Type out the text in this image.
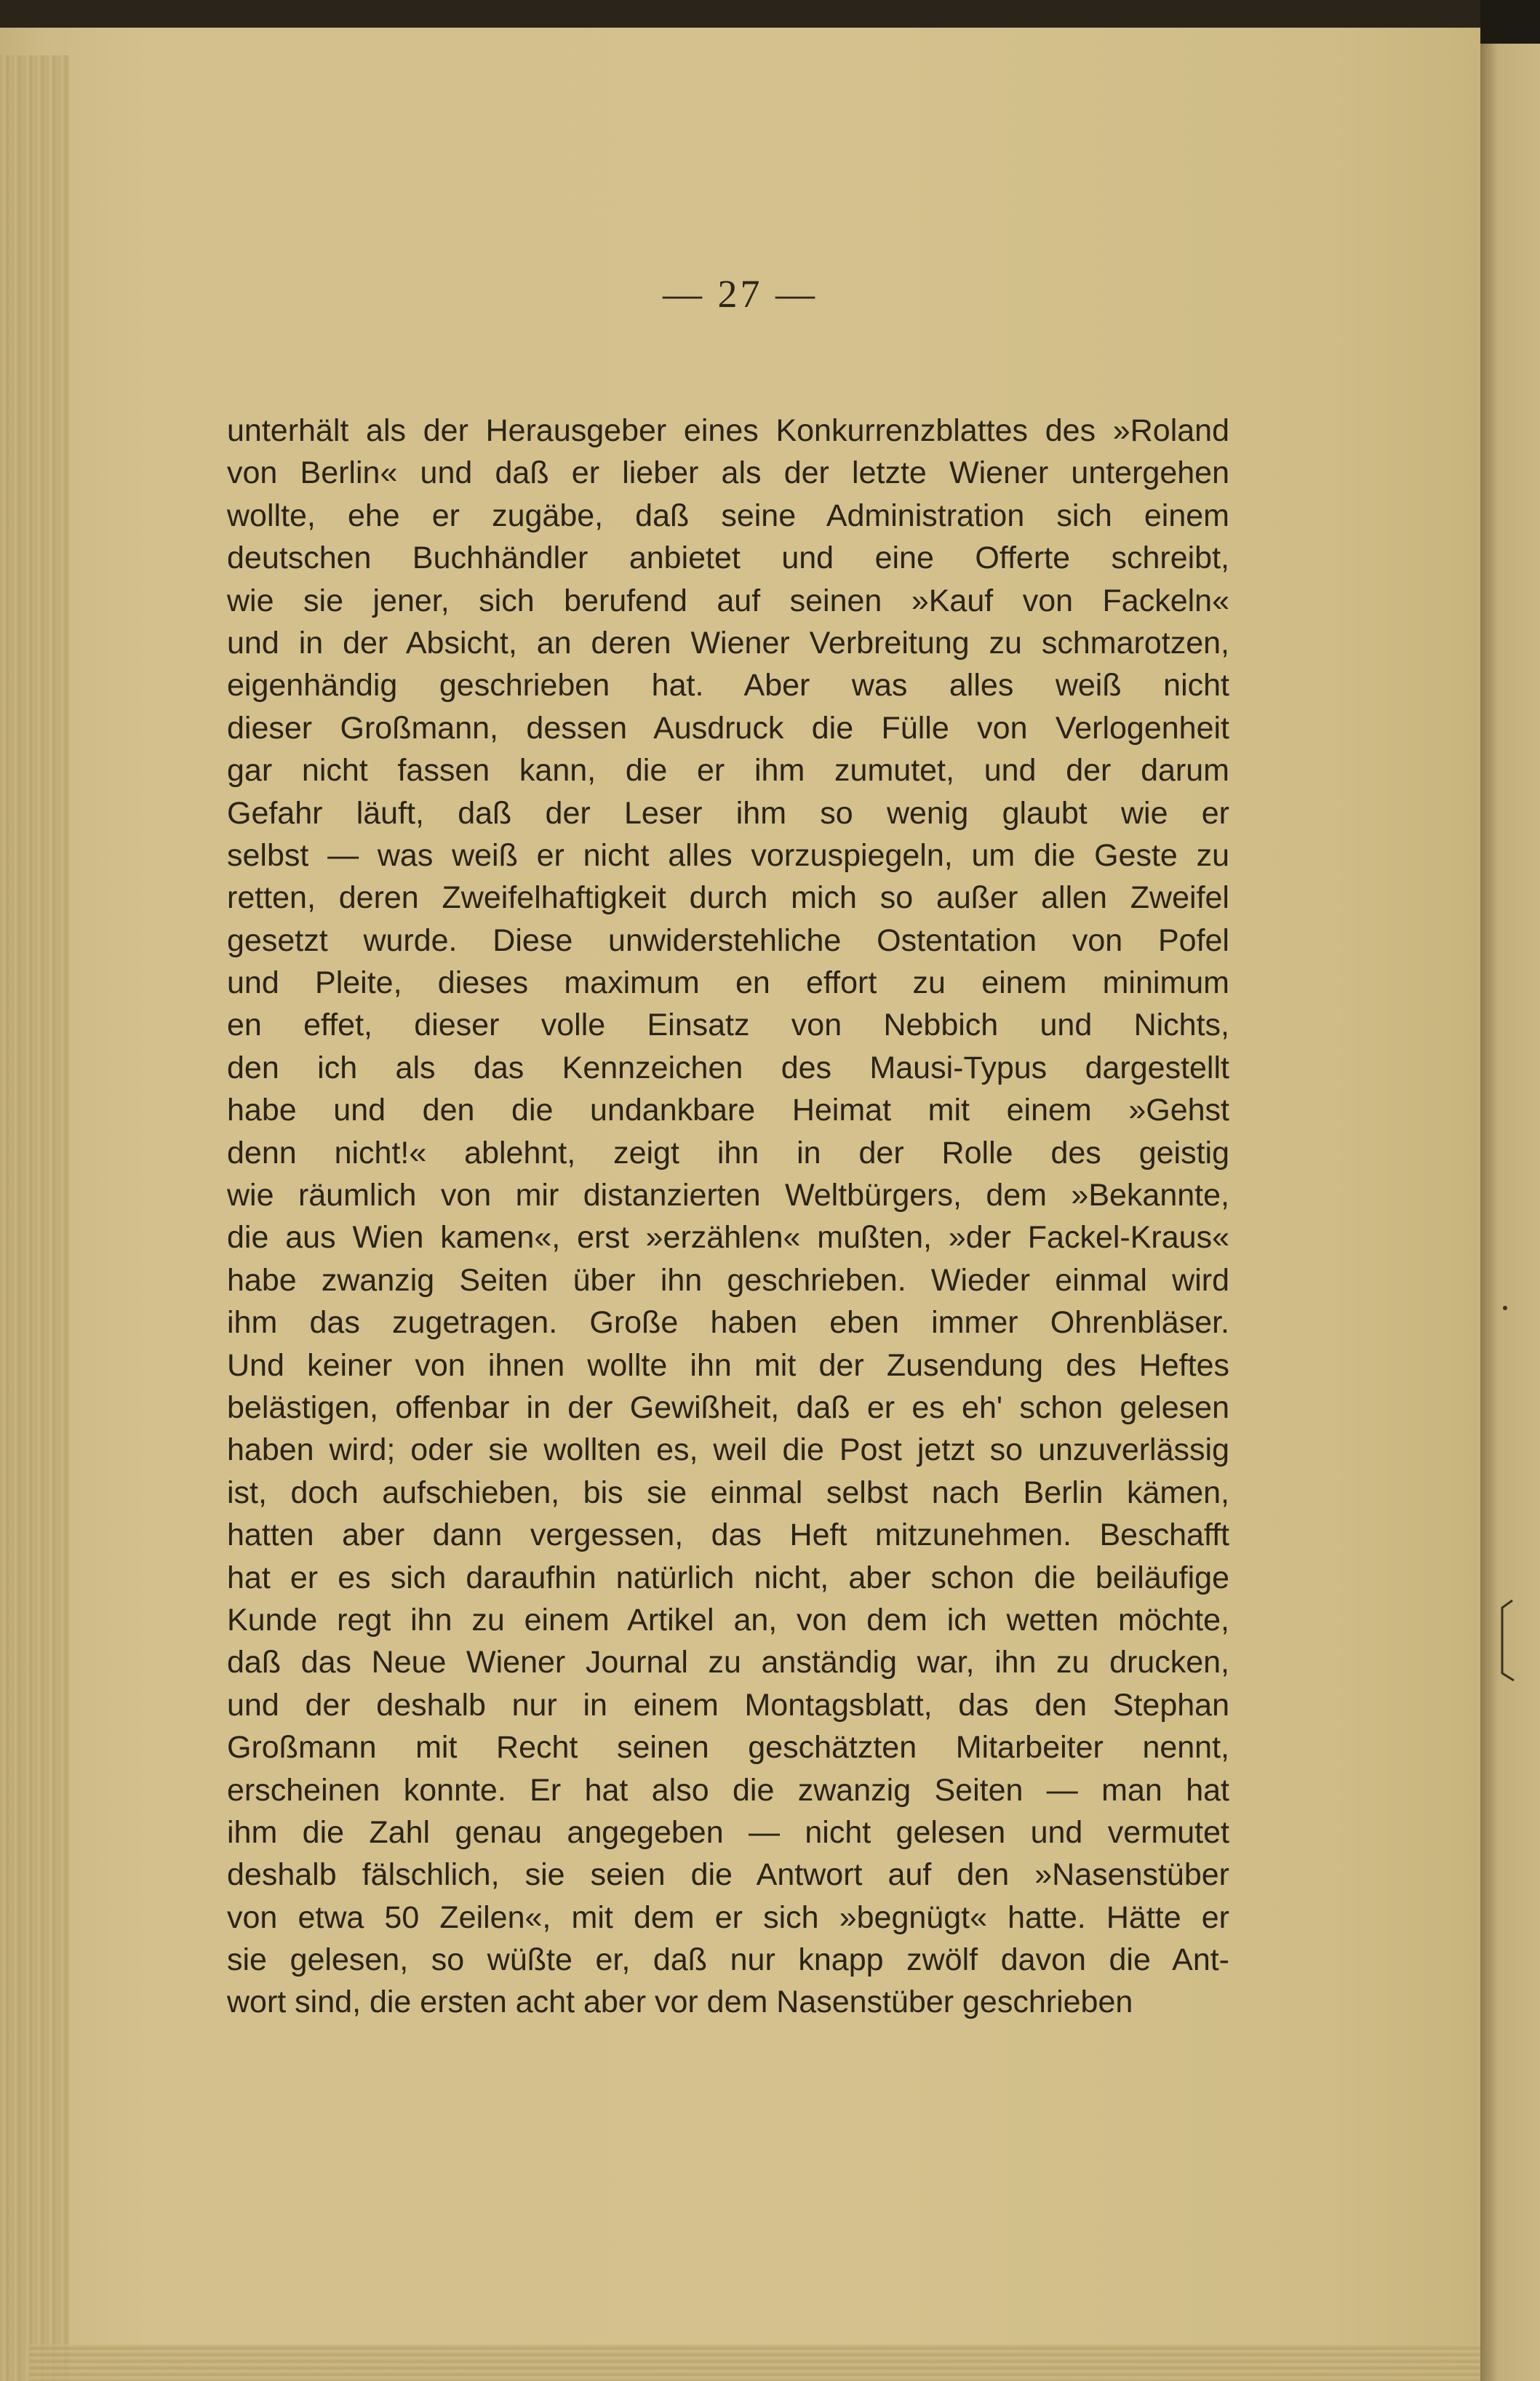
— 27 —
unterhält als der Herausgeber eines Konkurrenzblattes des »Roland
von Berlin« und daß er lieber als der letzte Wiener untergehen
wollte, ehe er zugäbe, daß seine Administration sich einem
deutschen Buchhändler anbietet und eine Offerte schreibt,
wie sie jener, sich berufend auf seinen »Kauf von Fackeln«
und in der Absicht, an deren Wiener Verbreitung zu schmarotzen,
eigenhändig geschrieben hat. Aber was alles weiß nicht
dieser Großmann, dessen Ausdruck die Fülle von Verlogenheit
gar nicht fassen kann, die er ihm zumutet, und der darum
Gefahr läuft, daß der Leser ihm so wenig glaubt wie er
selbst — was weiß er nicht alles vorzuspiegeln, um die Geste zu
retten, deren Zweifelhaftigkeit durch mich so außer allen Zweifel
gesetzt wurde. Diese unwiderstehliche Ostentation von Pofel
und Pleite, dieses maximum en effort zu einem minimum
en effet, dieser volle Einsatz von Nebbich und Nichts,
den ich als das Kennzeichen des Mausi-Typus dargestellt
habe und den die undankbare Heimat mit einem »Gehst
denn nicht!« ablehnt, zeigt ihn in der Rolle des geistig
wie räumlich von mir distanzierten Weltbürgers, dem »Bekannte,
die aus Wien kamen«, erst »erzählen« mußten, »der Fackel-Kraus«
habe zwanzig Seiten über ihn geschrieben. Wieder einmal wird
ihm das zugetragen. Große haben eben immer Ohrenbläser.
Und keiner von ihnen wollte ihn mit der Zusendung des Heftes
belästigen, offenbar in der Gewißheit, daß er es eh' schon gelesen
haben wird; oder sie wollten es, weil die Post jetzt so unzuverlässig
ist, doch aufschieben, bis sie einmal selbst nach Berlin kämen,
hatten aber dann vergessen, das Heft mitzunehmen. Beschafft
hat er es sich daraufhin natürlich nicht, aber schon die beiläufige
Kunde regt ihn zu einem Artikel an, von dem ich wetten möchte,
daß das Neue Wiener Journal zu anständig war, ihn zu drucken,
und der deshalb nur in einem Montagsblatt, das den Stephan
Großmann mit Recht seinen geschätzten Mitarbeiter nennt,
erscheinen konnte. Er hat also die zwanzig Seiten — man hat
ihm die Zahl genau angegeben — nicht gelesen und vermutet
deshalb fälschlich, sie seien die Antwort auf den »Nasenstüber
von etwa 50 Zeilen«, mit dem er sich »begnügt« hatte. Hätte er
sie gelesen, so wüßte er, daß nur knapp zwölf davon die Ant-
wort sind, die ersten acht aber vor dem Nasenstüber geschrieben
